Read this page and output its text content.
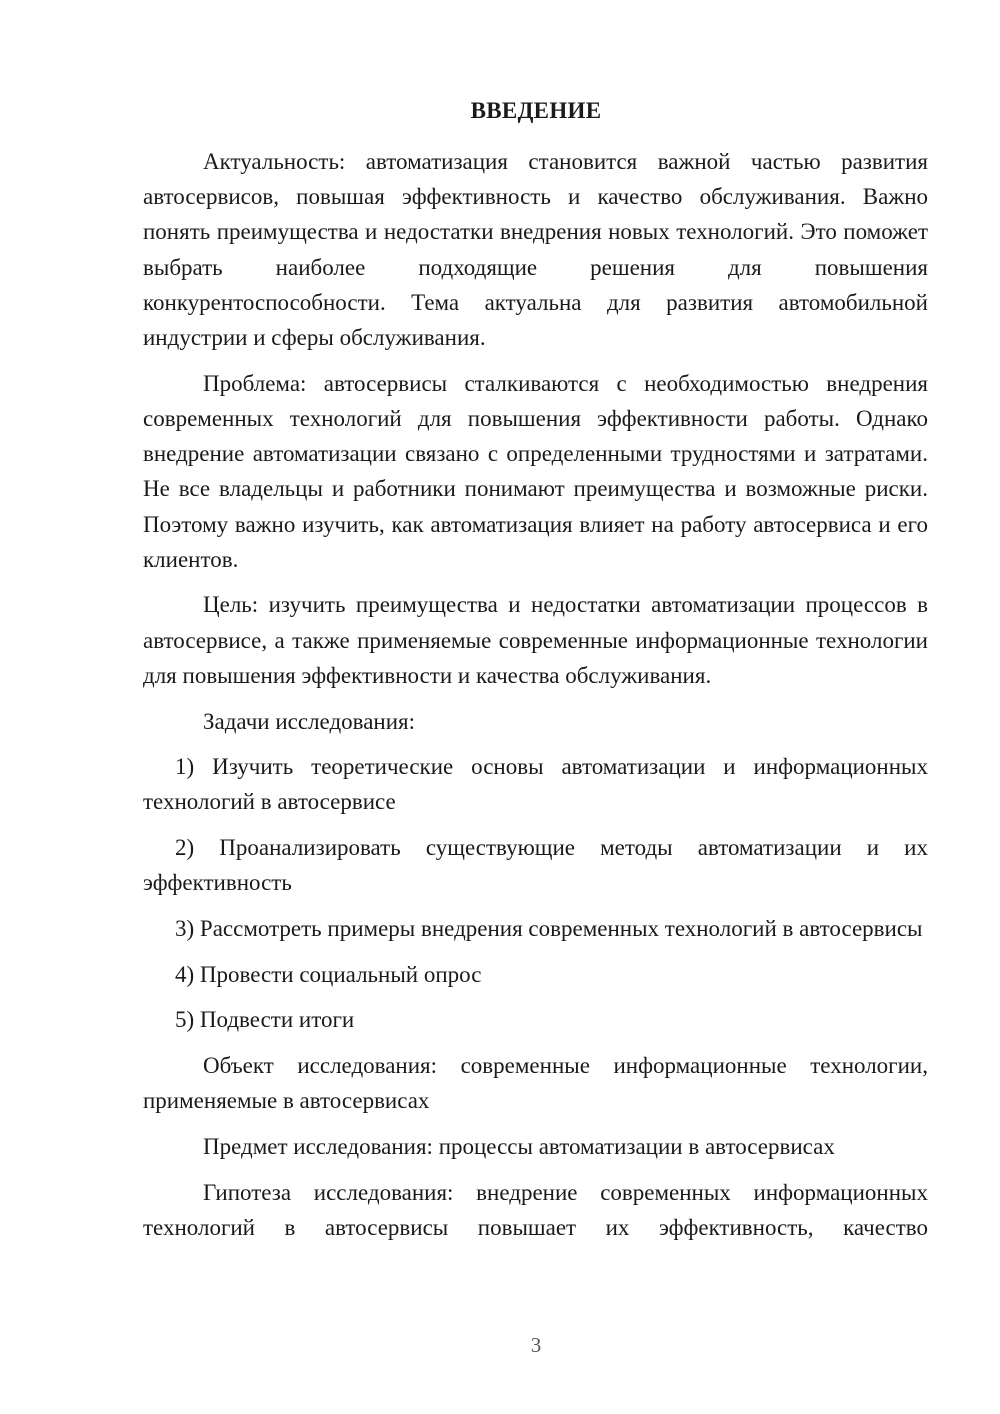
ВВЕДЕНИЕ

Актуальность: автоматизация становится важной частью развития автосервисов, повышая эффективность и качество обслуживания. Важно понять преимущества и недостатки внедрения новых технологий. Это поможет выбрать наиболее подходящие решения для повышения конкурентоспособности. Тема актуальна для развития автомобильной индустрии и сферы обслуживания.

Проблема: автосервисы сталкиваются с необходимостью внедрения современных технологий для повышения эффективности работы. Однако внедрение автоматизации связано с определенными трудностями и затратами. Не все владельцы и работники понимают преимущества и возможные риски. Поэтому важно изучить, как автоматизация влияет на работу автосервиса и его клиентов.

Цель: изучить преимущества и недостатки автоматизации процессов в автосервисе, а также применяемые современные информационные технологии для повышения эффективности и качества обслуживания.

Задачи исследования:

1) Изучить теоретические основы автоматизации и информационных технологий в автосервисе

2) Проанализировать существующие методы автоматизации и их эффективность

3) Рассмотреть примеры внедрения современных технологий в автосервисы

4) Провести социальный опрос

5) Подвести итоги

Объект исследования: современные информационные технологии, применяемые в автосервисах

Предмет исследования: процессы автоматизации в автосервисах

Гипотеза исследования: внедрение современных информационных технологий в автосервисы повышает их эффективность, качество

3
